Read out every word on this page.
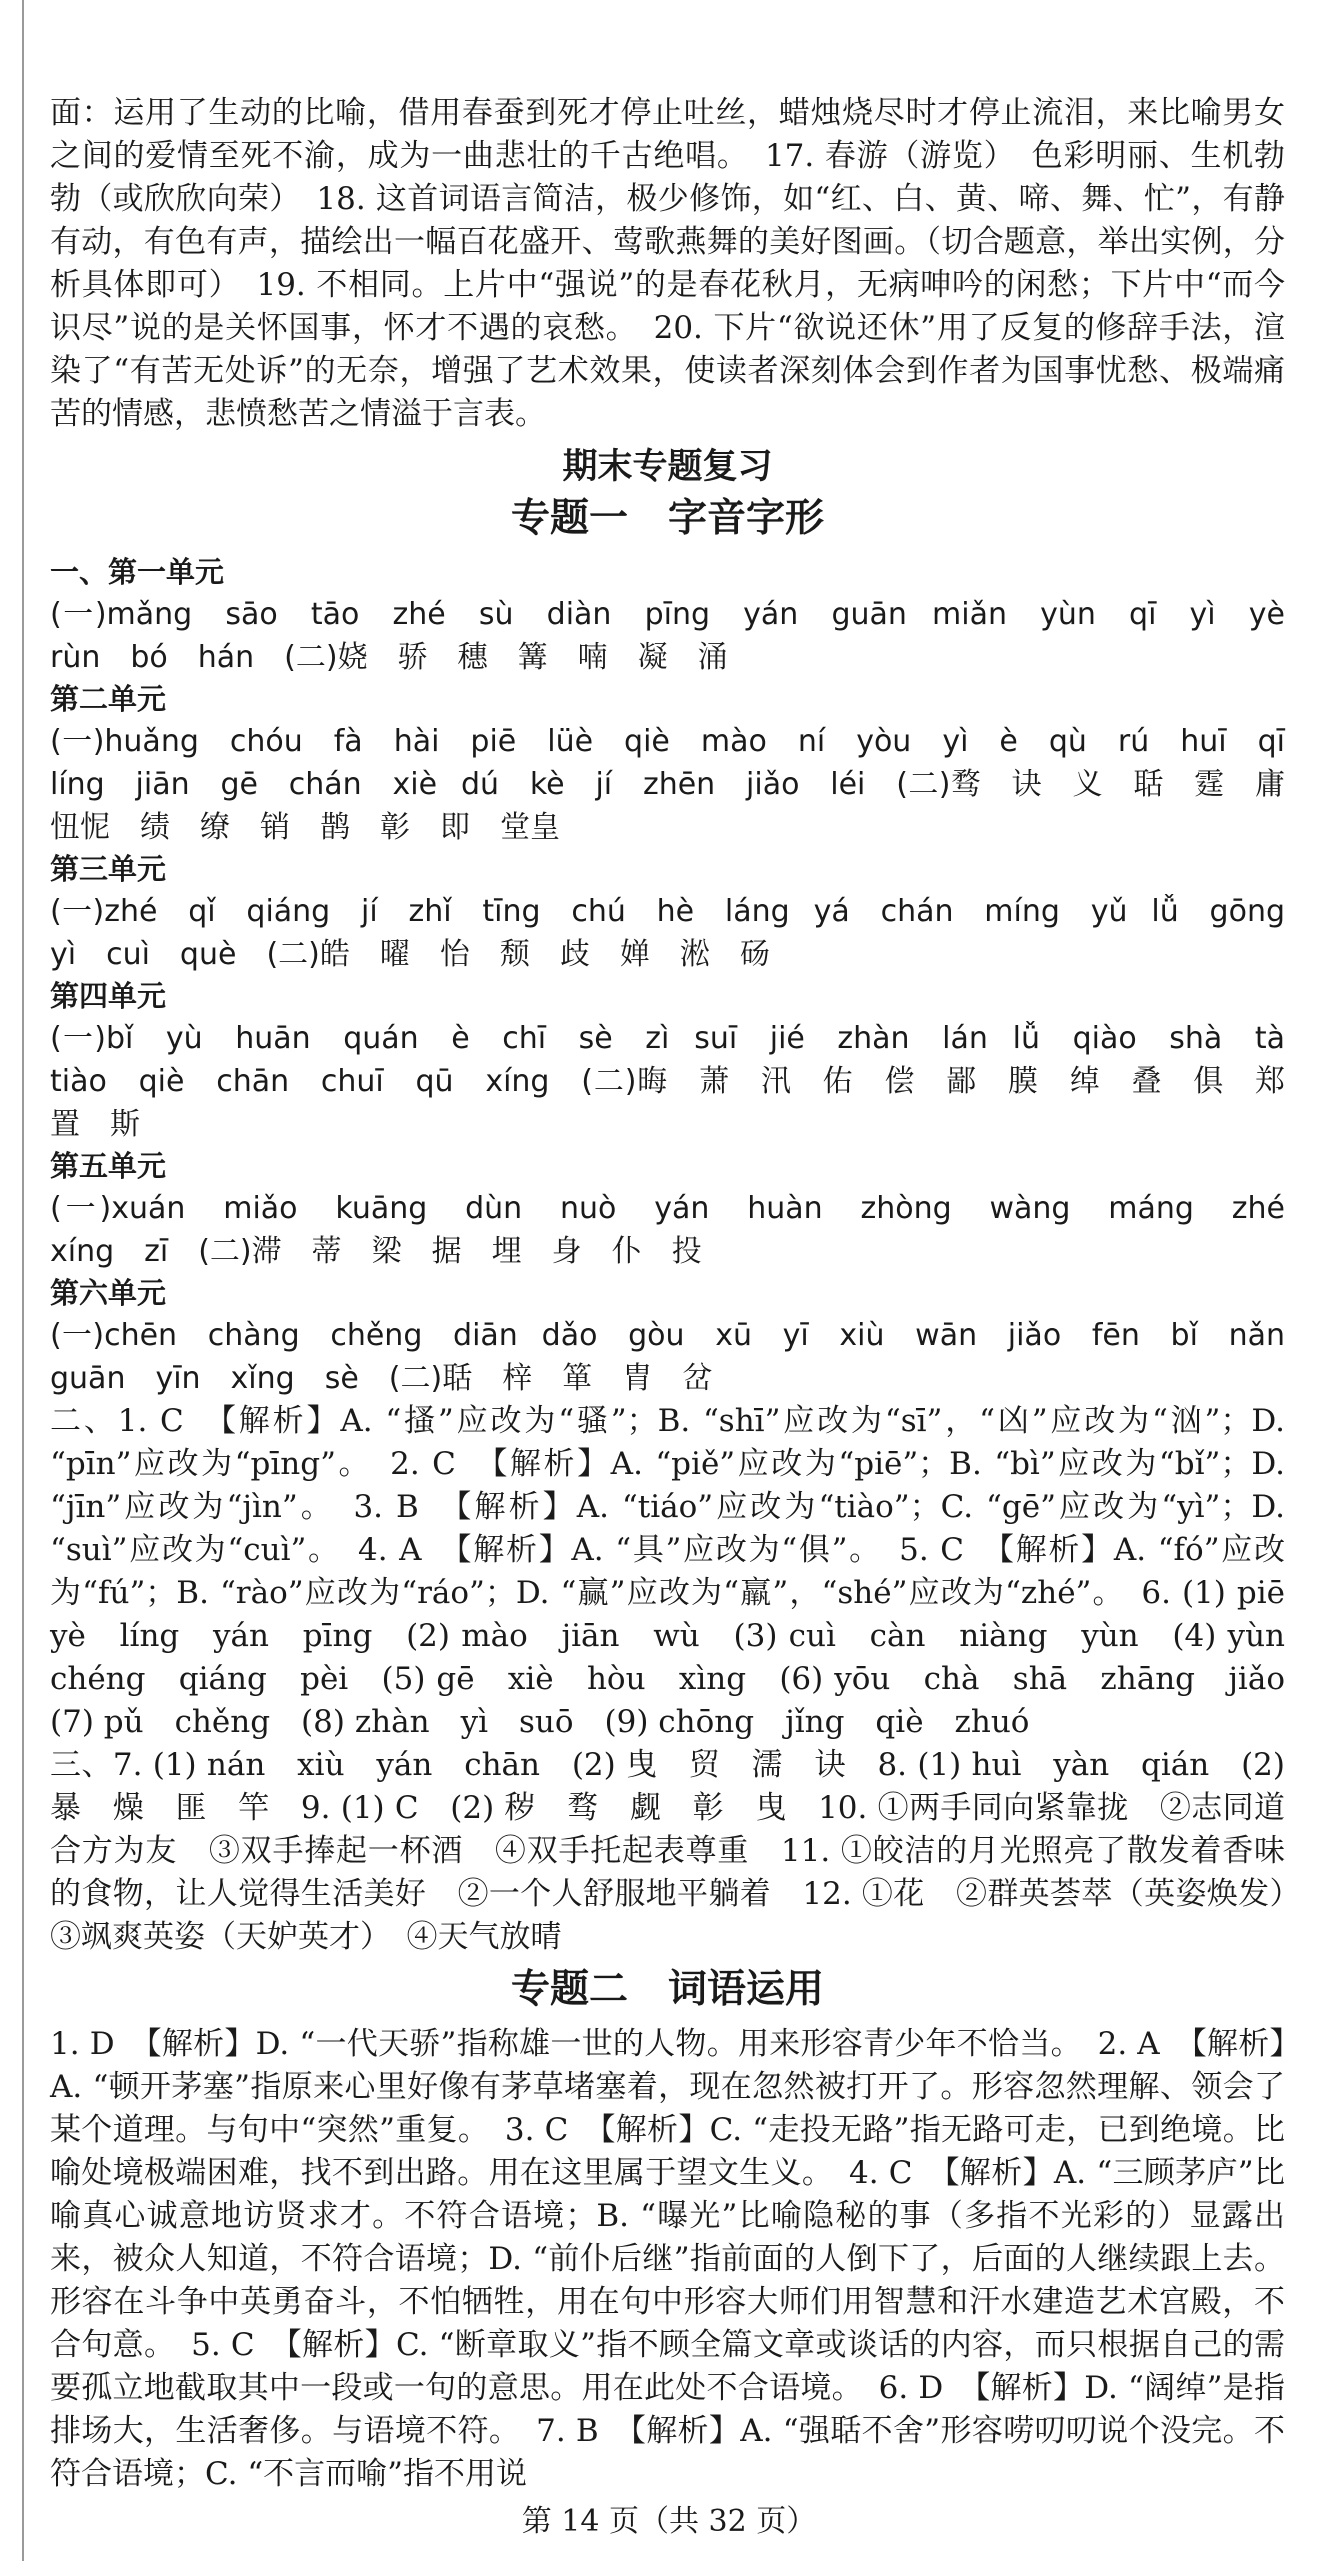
面：运用了生动的比喻，借用春蚕到死才停止吐丝，蜡烛烧尽时才停止流泪，来比喻男女之间的爱情至死不渝，成为一曲悲壮的千古绝唱。　17. 春游（游览）　色彩明丽、生机勃勃（或欣欣向荣）　18. 这首词语言简洁，极少修饰，如“红、白、黄、啼、舞、忙”，有静有动，有色有声，描绘出一幅百花盛开、莺歌燕舞的美好图画。（切合题意，举出实例，分析具体即可）　19. 不相同。上片中“强说”的是春花秋月，无病呻吟的闲愁；下片中“而今识尽”说的是关怀国事，怀才不遇的哀愁。　20. 下片“欲说还休”用了反复的修辞手法，渲染了“有苦无处诉”的无奈，增强了艺术效果，使读者深刻体会到作者为国事忧愁、极端痛苦的情感，悲愤愁苦之情溢于言表。

期末专题复习
专题一 字音字形
一、第一单元

(一)mǎng　sāo　tāo　zhé　sù　diàn　pīng　yán　guān miǎn　yùn　qī　yì　yè　rùn　bó　hán　(二)娆　骄　穗　篝　喃　凝　涌

第二单元

(一)huǎng　chóu　fà　hài　piē　lüè　qiè　mào　ní　yòu　yì　è　qù　rú　huī　qī　líng　jiān　gē　chán　xiè dú　kè　jí　zhēn　jiǎo　léi　(二)骛　诀　义　聒　霆　庸　忸怩　绩　缭　销　鹊　彰　即　堂皇

第三单元

(一)zhé　qǐ　qiáng　jí　zhǐ　tīng　chú　hè　láng yá　chán　míng　yǔ lǚ　gōng　yì　cuì　què　(二)皓　曜　怡　颓　歧　婵　淞　砀

第四单元

(一)bǐ　yù　huān　quán　è　chī　sè　zì suī　jié　zhàn　lán lǚ　qiào　shà　tà　tiào　qiè　chān　chuī　qū　xíng　(二)晦　萧　汛　佑　偿　鄙　膜　绰　叠　俱　郑　置　斯

第五单元

(一)xuán　miǎo　kuāng　dùn　nuò　yán　huàn　zhòng　wàng　máng　zhé　xíng　zī　(二)滞　蒂　梁　据　埋　身　仆　投

第六单元

(一)chēn　chàng　chěng　diān dǎo　gòu　xū　yī　xiù　wān　jiǎo　fēn　bǐ　nǎn　guān　yīn　xǐng　sè　(二)聒　梓　箪　胄　岔

二、1. C　【解析】A. “搔”应改为“骚”；B. “shī”应改为“sī”，“凶”应改为“汹”；D. “pīn”应改为“pīng”。　2. C　【解析】A. “piě”应改为“piē”；B. “bì”应改为“bǐ”；D. “jīn”应改为“jìn”。　3. B　【解析】A. “tiáo”应改为“tiào”；C. “gē”应改为“yì”；D. “suì”应改为“cuì”。　4. A　【解析】A. “具”应改为“俱”。　5. C　【解析】A. “fó”应改为“fú”；B. “rào”应改为“ráo”；D. “赢”应改为“羸”，“shé”应改为“zhé”。　6. (1) piē　yè　líng　yán　pīng　(2) mào　jiān　wù　(3) cuì　càn　niàng　yùn　(4) yùn　chéng　qiáng　pèi　(5) gē　xiè　hòu　xìng　(6) yōu　chà　shā　zhāng　jiǎo　(7) pǔ　chěng　(8) zhàn　yì　suō　(9) chōng　jǐng　qiè　zhuó

三、7. (1) nán　xiù　yán　chān　(2) 曳　贸　濡　诀　8. (1) huì　yàn　qián　(2) 暴　燥　匪　竿　9. (1) C　(2) 秽　骛　觑　彰　曳　10. ①两手同向紧靠拢　②志同道合方为友　③双手捧起一杯酒　④双手托起表尊重　11. ①皎洁的月光照亮了散发着香味的食物，让人觉得生活美好　②一个人舒服地平躺着　12. ①花　②群英荟萃（英姿焕发）　③飒爽英姿（天妒英才）　④天气放晴

专题二 词语运用

1. D　【解析】D. “一代天骄”指称雄一世的人物。用来形容青少年不恰当。　2. A　【解析】A. “顿开茅塞”指原来心里好像有茅草堵塞着，现在忽然被打开了。形容忽然理解、领会了某个道理。与句中“突然”重复。　3. C　【解析】C. “走投无路”指无路可走，已到绝境。比喻处境极端困难，找不到出路。用在这里属于望文生义。　4. C　【解析】A. “三顾茅庐”比喻真心诚意地访贤求才。不符合语境；B. “曝光”比喻隐秘的事（多指不光彩的）显露出来，被众人知道，不符合语境；D. “前仆后继”指前面的人倒下了，后面的人继续跟上去。形容在斗争中英勇奋斗，不怕牺牲，用在句中形容大师们用智慧和汗水建造艺术宫殿，不合句意。　5. C　【解析】C. “断章取义”指不顾全篇文章或谈话的内容，而只根据自己的需要孤立地截取其中一段或一句的意思。用在此处不合语境。　6. D　【解析】D. “阔绰”是指排场大，生活奢侈。与语境不符。　7. B　【解析】A. “强聒不舍”形容唠叨叨说个没完。不符合语境；C. “不言而喻”指不用说

第 14 页（共 32 页）
